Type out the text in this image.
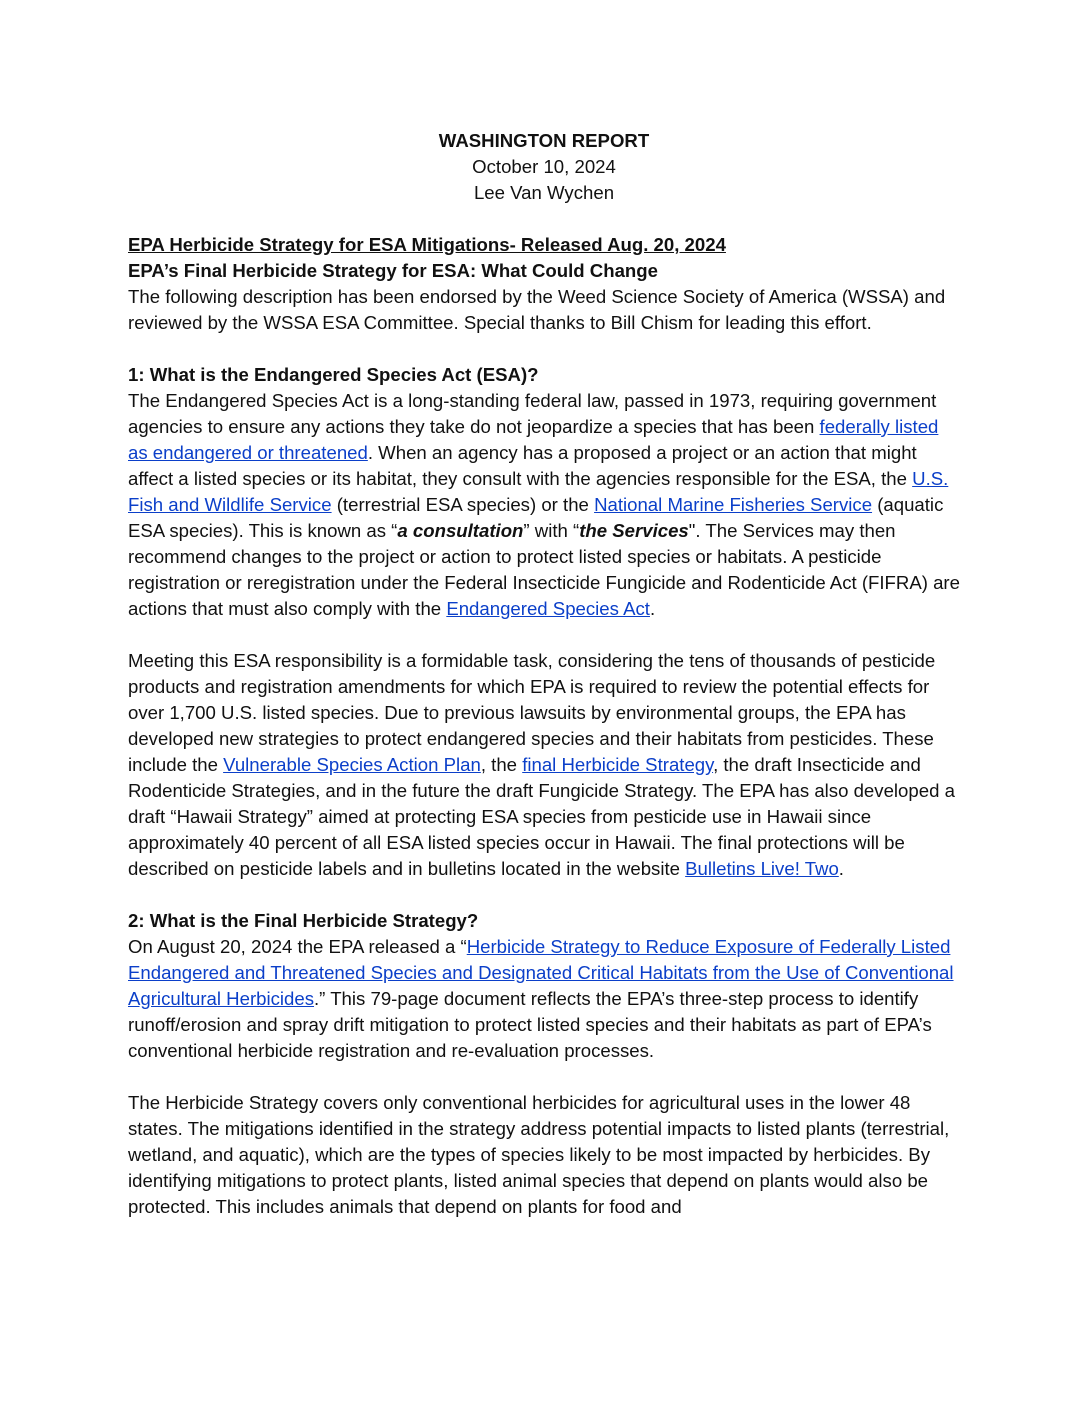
WASHINGTON REPORT
October 10, 2024
Lee Van Wychen

EPA Herbicide Strategy for ESA Mitigations- Released Aug. 20, 2024

EPA’s Final Herbicide Strategy for ESA: What Could Change

The following description has been endorsed by the Weed Science Society of America (WSSA) and reviewed by the WSSA ESA Committee. Special thanks to Bill Chism for leading this effort.

1: What is the Endangered Species Act (ESA)?

The Endangered Species Act is a long-standing federal law, passed in 1973, requiring government agencies to ensure any actions they take do not jeopardize a species that has been federally listed as endangered or threatened. When an agency has a proposed a project or an action that might affect a listed species or its habitat, they consult with the agencies responsible for the ESA, the U.S. Fish and Wildlife Service (terrestrial ESA species) or the National Marine Fisheries Service (aquatic ESA species). This is known as “a consultation” with “the Services". The Services may then recommend changes to the project or action to protect listed species or habitats. A pesticide registration or reregistration under the Federal Insecticide Fungicide and Rodenticide Act (FIFRA) are actions that must also comply with the Endangered Species Act.

Meeting this ESA responsibility is a formidable task, considering the tens of thousands of pesticide products and registration amendments for which EPA is required to review the potential effects for over 1,700 U.S. listed species. Due to previous lawsuits by environmental groups, the EPA has developed new strategies to protect endangered species and their habitats from pesticides. These include the Vulnerable Species Action Plan, the final Herbicide Strategy, the draft Insecticide and Rodenticide Strategies, and in the future the draft Fungicide Strategy. The EPA has also developed a draft “Hawaii Strategy” aimed at protecting ESA species from pesticide use in Hawaii since approximately 40 percent of all ESA listed species occur in Hawaii. The final protections will be described on pesticide labels and in bulletins located in the website Bulletins Live! Two.

2: What is the Final Herbicide Strategy?

On August 20, 2024 the EPA released a “Herbicide Strategy to Reduce Exposure of Federally Listed Endangered and Threatened Species and Designated Critical Habitats from the Use of Conventional Agricultural Herbicides.” This 79-page document reflects the EPA’s three-step process to identify runoff/erosion and spray drift mitigation to protect listed species and their habitats as part of EPA’s conventional herbicide registration and re-evaluation processes.

The Herbicide Strategy covers only conventional herbicides for agricultural uses in the lower 48 states. The mitigations identified in the strategy address potential impacts to listed plants (terrestrial, wetland, and aquatic), which are the types of species likely to be most impacted by herbicides. By identifying mitigations to protect plants, listed animal species that depend on plants would also be protected. This includes animals that depend on plants for food and
